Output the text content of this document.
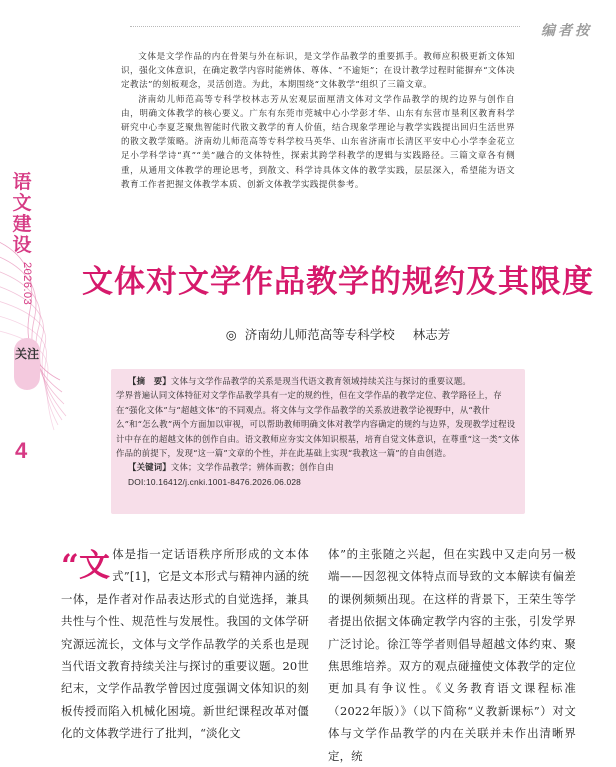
语文建设
2026.03
关注
4
编者按

文体是文学作品的内在骨架与外在标识，是文学作品教学的重要抓手。教师应积极更新文体知识，强化文体意识，在确定教学内容时能辨体、尊体、“不逾矩”；在设计教学过程时能摒弃“文体决定教法”的刻板观念，灵活创造。为此，本期围绕“文体教学”组织了三篇文章。

济南幼儿师范高等专科学校林志芳从宏观层面厘清文体对文学作品教学的规约边界与创作自由，明确文体教学的核心要义。广东有东莞市莞城中心小学彭才华、山东有东营市垦利区教育科学研究中心李夏芝聚焦智能时代散文教学的育人价值，结合现象学理论与教学实践提出回归生活世界的散文教学策略。济南幼儿师范高等专科学校马英华、山东省济南市长清区平安中心小学李金花立足小学科学诗“真”“美”融合的文体特性，探索其跨学科教学的逻辑与实践路径。三篇文章各有侧重，从通用文体教学的理论思考，到散文、科学诗具体文体的教学实践，层层深入，希望能为语文教育工作者把握文体教学本质、创新文体教学实践提供参考。

文体对文学作品教学的规约及其限度
◎ 济南幼儿师范高等专科学校 林志芳
【摘　要】文体与文学作品教学的关系是现当代语文教育领域持续关注与探讨的重要议题。
学界普遍认同文体特征对文学作品教学具有一定的规约性，但在文学作品的教学定位、教学路径上，存在“强化文体”与“超越文体”的不同观点。将文体与文学作品教学的关系放进教学论视野中，从“教什么”和“怎么教”两个方面加以审视，可以帮助教师明确文体对教学内容确定的规约与边界，发现教学过程设计中存在的超越文体的创作自由。语文教师应夯实文体知识根基，培育自觉文体意识，在尊重“这一类”文体作品的前提下，发现“这一篇”文章的个性，并在此基础上实现“我教这一篇”的自由创造。
【关键词】文体；文学作品教学；辨体而教；创作自由
DOI:10.16412/j.cnki.1001-8476.2026.06.028
“文 体是指一定话语秩序所形成的文本体式”[1]，它是文本形式与精神内涵的统一体，是作者对作品表达形式的自觉选择，兼具共性与个性、规范性与发展性。我国的文体学研究源远流长，文体与文学作品教学的关系也是现当代语文教育持续关注与探讨的重要议题。20世纪末，文学作品教学曾因过度强调文体知识的刻板传授而陷入机械化困境。新世纪课程改革对僵化的文体教学进行了批判，“淡化文
体”的主张随之兴起，但在实践中又走向另一极端——因忽视文体特点而导致的文本解读有偏差的课例频频出现。在这样的背景下，王荣生等学者提出依据文体确定教学内容的主张，引发学界广泛讨论。徐江等学者则倡导超越文体约束、聚焦思维培养。双方的观点碰撞使文体教学的定位更加具有争议性。《义务教育语文课程标准（2022年版）》（以下简称“义教新课标”）对文体与文学作品教学的内在关联并未作出清晰界定，统
